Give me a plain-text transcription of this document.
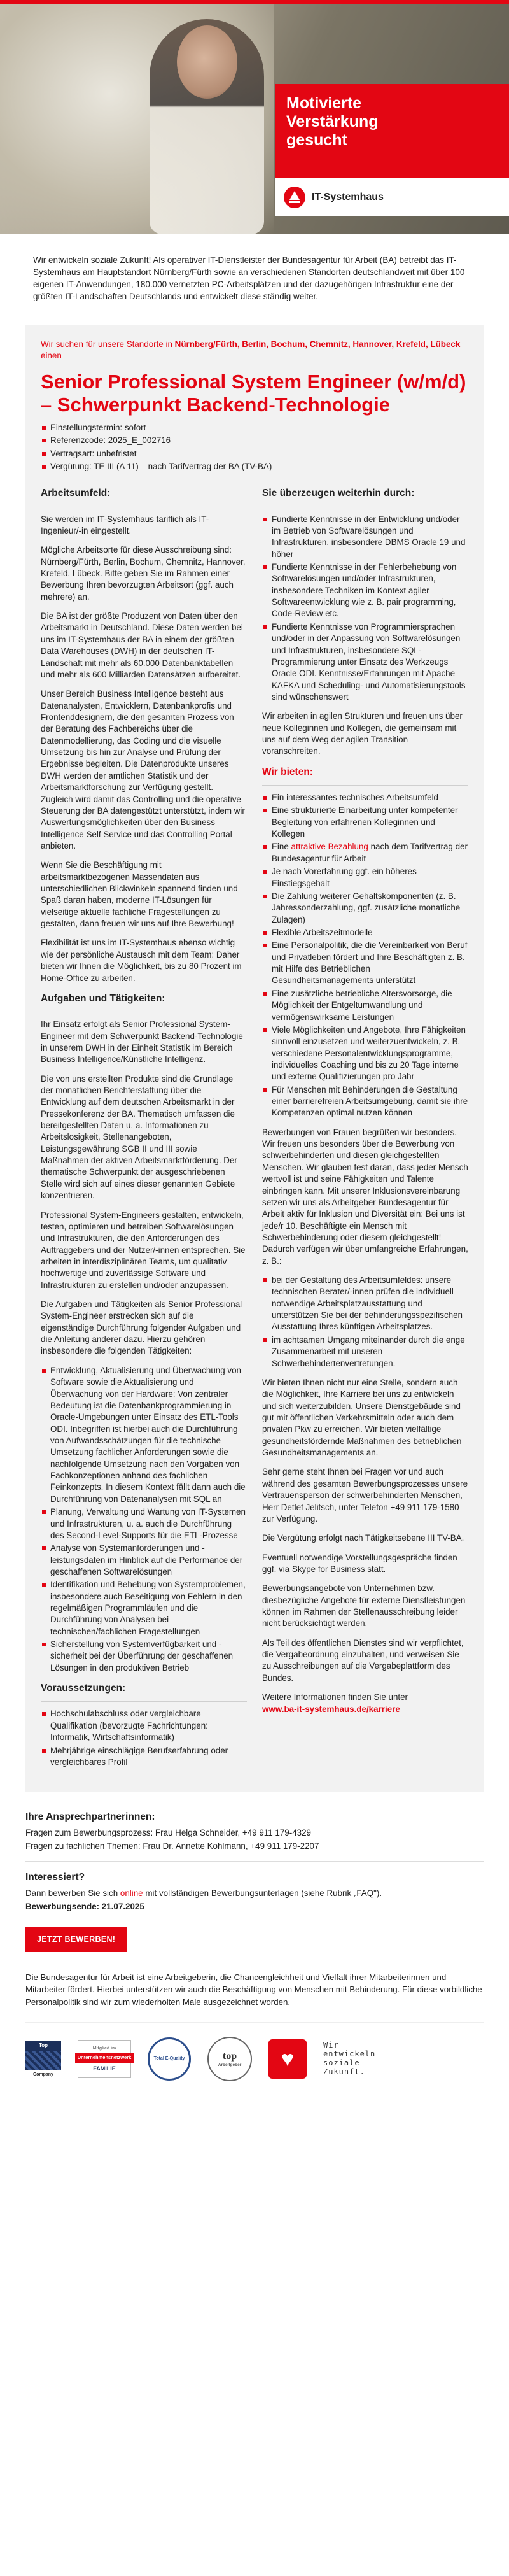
Motivierte
Verstärkung
gesucht
IT-Systemhaus
Wir entwickeln soziale Zukunft! Als operativer IT-Dienstleister der Bundesagentur für Arbeit (BA) betreibt das IT-Systemhaus am Hauptstandort Nürnberg/Fürth sowie an verschiedenen Standorten deutschlandweit mit über 100 eigenen IT-Anwendungen, 180.000 vernetzten PC-Arbeitsplätzen und der dazugehörigen Infrastruktur eine der größten IT-Landschaften Deutschlands und entwickelt diese ständig weiter.
Wir suchen für unsere Standorte in Nürnberg/Fürth, Berlin, Bochum, Chemnitz, Hannover, Krefeld, Lübeck einen
Senior Professional System Engineer (w/m/d) – Schwerpunkt Backend-Technologie
Einstellungstermin: sofort
Referenzcode: 2025_E_002716
Vertragsart: unbefristet
Vergütung: TE III (A 11) – nach Tarifvertrag der BA (TV-BA)
Arbeitsumfeld:

Sie werden im IT-Systemhaus tariflich als IT-Ingenieur/-in eingestellt.

Mögliche Arbeitsorte für diese Ausschreibung sind: Nürnberg/Fürth, Berlin, Bochum, Chemnitz, Hannover, Krefeld, Lübeck. Bitte geben Sie im Rahmen einer Bewerbung Ihren bevorzugten Arbeitsort (ggf. auch mehrere) an.

Die BA ist der größte Produzent von Daten über den Arbeitsmarkt in Deutschland. Diese Daten werden bei uns im IT-Systemhaus der BA in einem der größten Data Warehouses (DWH) in der deutschen IT-Landschaft mit mehr als 60.000 Datenbanktabellen und mehr als 600 Milliarden Datensätzen aufbereitet.

Unser Bereich Business Intelligence besteht aus Datenanalysten, Entwicklern, Datenbankprofis und Frontenddesignern, die den gesamten Prozess von der Beratung des Fachbereichs über die Datenmodellierung, das Coding und die visuelle Umsetzung bis hin zur Analyse und Prüfung der Ergebnisse begleiten. Die Datenprodukte unseres DWH werden der amtlichen Statistik und der Arbeitsmarktforschung zur Verfügung gestellt. Zugleich wird damit das Controlling und die operative Steuerung der BA datengestützt unterstützt, indem wir Auswertungsmöglichkeiten über den Business Intelligence Self Service und das Controlling Portal anbieten.

Wenn Sie die Beschäftigung mit arbeitsmarktbezogenen Massendaten aus unterschiedlichen Blickwinkeln spannend finden und Spaß daran haben, moderne IT-Lösungen für vielseitige aktuelle fachliche Fragestellungen zu gestalten, dann freuen wir uns auf Ihre Bewerbung!

Flexibilität ist uns im IT-Systemhaus ebenso wichtig wie der persönliche Austausch mit dem Team: Daher bieten wir Ihnen die Möglichkeit, bis zu 80 Prozent im Home-Office zu arbeiten.

Aufgaben und Tätigkeiten:

Ihr Einsatz erfolgt als Senior Professional System-Engineer mit dem Schwerpunkt Backend-Technologie in unserem DWH in der Einheit Statistik im Bereich Business Intelligence/Künstliche Intelligenz.

Die von uns erstellten Produkte sind die Grundlage der monatlichen Berichterstattung über die Entwicklung auf dem deutschen Arbeitsmarkt in der Pressekonferenz der BA. Thematisch umfassen die bereitgestellten Daten u. a. Informationen zu Arbeitslosigkeit, Stellenangeboten, Leistungsgewährung SGB II und III sowie Maßnahmen der aktiven Arbeitsmarktförderung. Der thematische Schwerpunkt der ausgeschriebenen Stelle wird sich auf eines dieser genannten Gebiete konzentrieren.

Professional System-Engineers gestalten, entwickeln, testen, optimieren und betreiben Softwarelösungen und Infrastrukturen, die den Anforderungen des Auftraggebers und der Nutzer/-innen entsprechen. Sie arbeiten in interdisziplinären Teams, um qualitativ hochwertige und zuverlässige Software und Infrastrukturen zu erstellen und/oder anzupassen.

Die Aufgaben und Tätigkeiten als Senior Professional System-Engineer erstrecken sich auf die eigenständige Durchführung folgender Aufgaben und die Anleitung anderer dazu. Hierzu gehören insbesondere die folgenden Tätigkeiten:

Entwicklung, Aktualisierung und Überwachung von Software sowie die Aktualisierung und Überwachung von der Hardware: Von zentraler Bedeutung ist die Datenbankprogrammierung in Oracle-Umgebungen unter Einsatz des ETL-Tools ODI. Inbegriffen ist hierbei auch die Durchführung von Aufwandsschätzungen für die technische Umsetzung fachlicher Anforderungen sowie die nachfolgende Umsetzung nach den Vorgaben von Fachkonzeptionen anhand des fachlichen Feinkonzepts. In diesem Kontext fällt dann auch die Durchführung von Datenanalysen mit SQL an
Planung, Verwaltung und Wartung von IT-Systemen und Infrastrukturen, u. a. auch die Durchführung des Second-Level-Supports für die ETL-Prozesse
Analyse von Systemanforderungen und -leistungsdaten im Hinblick auf die Performance der geschaffenen Softwarelösungen
Identifikation und Behebung von Systemproblemen, insbesondere auch Beseitigung von Fehlern in den regelmäßigen Programmläufen und die Durchführung von Analysen bei technischen/fachlichen Fragestellungen
Sicherstellung von Systemverfügbarkeit und -sicherheit bei der Überführung der geschaffenen Lösungen in den produktiven Betrieb
Voraussetzungen:
Hochschulabschluss oder vergleichbare Qualifikation (bevorzugte Fachrichtungen: Informatik, Wirtschaftsinformatik)
Mehrjährige einschlägige Berufserfahrung oder vergleichbares Profil
Sie überzeugen weiterhin durch:
Fundierte Kenntnisse in der Entwicklung und/oder im Betrieb von Softwarelösungen und Infrastrukturen, insbesondere DBMS Oracle 19 und höher
Fundierte Kenntnisse in der Fehlerbehebung von Softwarelösungen und/oder Infrastrukturen, insbesondere Techniken im Kontext agiler Softwareentwicklung wie z. B. pair programming, Code-Review etc.
Fundierte Kenntnisse von Programmiersprachen und/oder in der Anpassung von Softwarelösungen und Infrastrukturen, insbesondere SQL-Programmierung unter Einsatz des Werkzeugs Oracle ODI. Kenntnisse/Erfahrungen mit Apache KAFKA und Scheduling- und Automatisierungstools sind wünschenswert

Wir arbeiten in agilen Strukturen und freuen uns über neue Kolleginnen und Kollegen, die gemeinsam mit uns auf dem Weg der agilen Transition voranschreiten.

Wir bieten:
Ein interessantes technisches Arbeitsumfeld
Eine strukturierte Einarbeitung unter kompetenter Begleitung von erfahrenen Kolleginnen und Kollegen
Eine attraktive Bezahlung nach dem Tarifvertrag der Bundesagentur für Arbeit
Je nach Vorerfahrung ggf. ein höheres Einstiegsgehalt
Die Zahlung weiterer Gehaltskomponenten (z. B. Jahressonderzahlung, ggf. zusätzliche monatliche Zulagen)
Flexible Arbeitszeitmodelle
Eine Personalpolitik, die die Vereinbarkeit von Beruf und Privatleben fördert und Ihre Beschäftigten z. B. mit Hilfe des Betrieblichen Gesundheitsmanagements unterstützt
Eine zusätzliche betriebliche Altersvorsorge, die Möglichkeit der Entgeltumwandlung und vermögenswirksame Leistungen
Viele Möglichkeiten und Angebote, Ihre Fähigkeiten sinnvoll einzusetzen und weiterzuentwickeln, z. B. verschiedene Personalentwicklungsprogramme, individuelles Coaching und bis zu 20 Tage interne und externe Qualifizierungen pro Jahr
Für Menschen mit Behinderungen die Gestaltung einer barrierefreien Arbeitsumgebung, damit sie ihre Kompetenzen optimal nutzen können

Bewerbungen von Frauen begrüßen wir besonders. Wir freuen uns besonders über die Bewerbung von schwerbehinderten und diesen gleichgestellten Menschen. Wir glauben fest daran, dass jeder Mensch wertvoll ist und seine Fähigkeiten und Talente einbringen kann. Mit unserer Inklusionsvereinbarung setzen wir uns als Arbeitgeber Bundesagentur für Arbeit aktiv für Inklusion und Diversität ein: Bei uns ist jede/r 10. Beschäftigte ein Mensch mit Schwerbehinderung oder diesem gleichgestellt! Dadurch verfügen wir über umfangreiche Erfahrungen, z. B.:

bei der Gestaltung des Arbeitsumfeldes: unsere technischen Berater/-innen prüfen die individuell notwendige Arbeitsplatzausstattung und unterstützen Sie bei der behinderungsspezifischen Ausstattung Ihres künftigen Arbeitsplatzes.
im achtsamen Umgang miteinander durch die enge Zusammenarbeit mit unseren Schwerbehindertenvertretungen.

Wir bieten Ihnen nicht nur eine Stelle, sondern auch die Möglichkeit, Ihre Karriere bei uns zu entwickeln und sich weiterzubilden. Unsere Dienstgebäude sind gut mit öffentlichen Verkehrsmitteln oder auch dem privaten Pkw zu erreichen. Wir bieten vielfältige gesundheitsfördernde Maßnahmen des betrieblichen Gesundheitsmanagements an.

Sehr gerne steht Ihnen bei Fragen vor und auch während des gesamten Bewerbungsprozesses unsere Vertrauensperson der schwerbehinderten Menschen, Herr Detlef Jelitsch, unter Telefon +49 911 179-1580 zur Verfügung.

Die Vergütung erfolgt nach Tätigkeitsebene III TV-BA.

Eventuell notwendige Vorstellungsgespräche finden ggf. via Skype for Business statt.

Bewerbungsangebote von Unternehmen bzw. diesbezügliche Angebote für externe Dienstleistungen können im Rahmen der Stellenausschreibung leider nicht berücksichtigt werden.

Als Teil des öffentlichen Dienstes sind wir verpflichtet, die Vergabeordnung einzuhalten, und verweisen Sie zu Ausschreibungen auf die Vergabeplattform des Bundes.

Weitere Informationen finden Sie unter
www.ba-it-systemhaus.de/karriere

Ihre Ansprechpartnerinnen:

Fragen zum Bewerbungsprozess: Frau Helga Schneider, +49 911 179-4329

Fragen zu fachlichen Themen: Frau Dr. Annette Kohlmann, +49 911 179-2207

Interessiert?

Dann bewerben Sie sich online mit vollständigen Bewerbungsunterlagen (siehe Rubrik „FAQ").

Bewerbungsende: 21.07.2025

JETZT BEWERBEN!
Die Bundesagentur für Arbeit ist eine Arbeitgeberin, die Chancengleichheit und Vielfalt ihrer Mitarbeiterinnen und Mitarbeiter fördert. Hierbei unterstützen wir auch die Beschäftigung von Menschen mit Behinderung. Für diese vorbildliche Personalpolitik sind wir zum wiederholten Male ausgezeichnet worden.
Top
Company
Mitglied im
Unternehmensnetzwerk
FAMILIE
Total E-Quality	top
Arbeitgeber ♥
Wir
entwickeln
soziale
Zukunft.
